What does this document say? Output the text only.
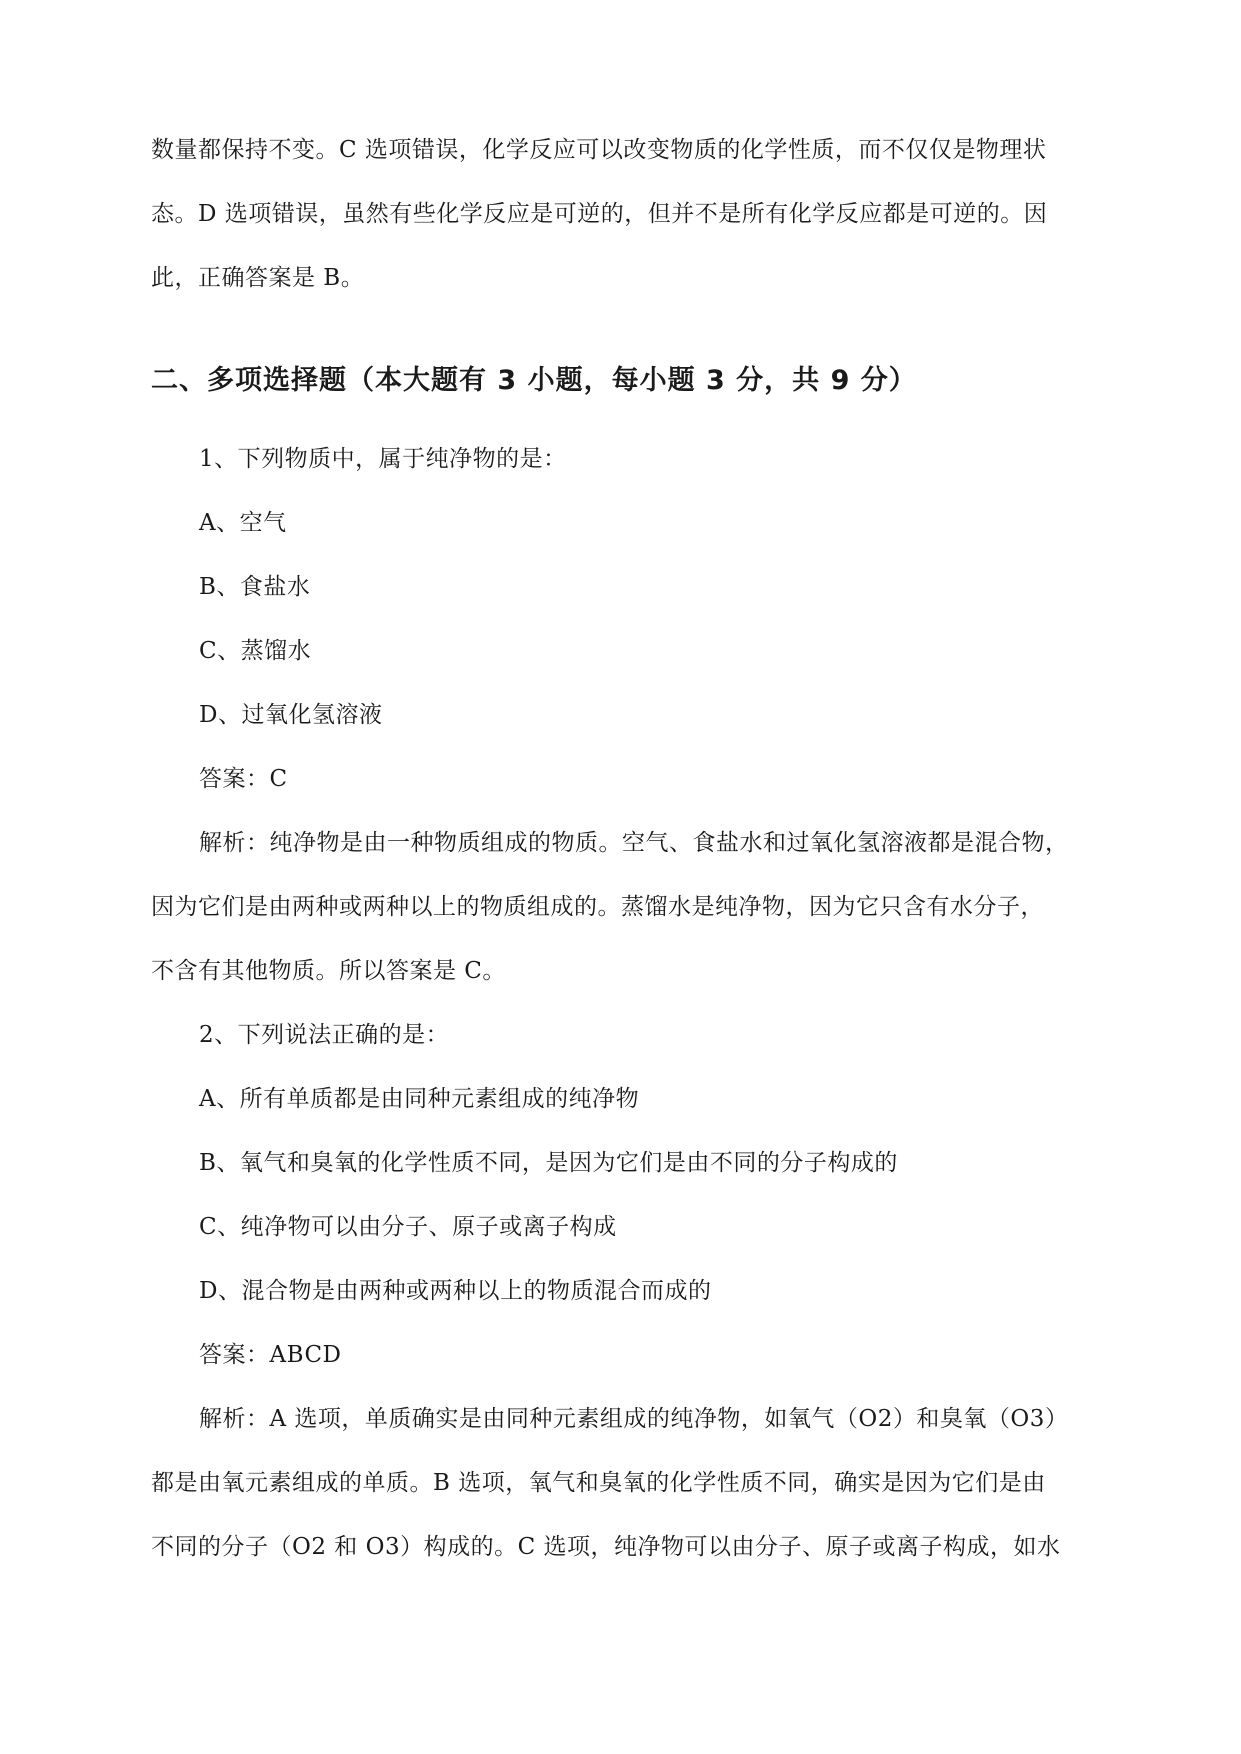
数量都保持不变。C 选项错误，化学反应可以改变物质的化学性质，而不仅仅是物理状
态。D 选项错误，虽然有些化学反应是可逆的，但并不是所有化学反应都是可逆的。因
此，正确答案是 B。
二、多项选择题（本大题有 3 小题，每小题 3 分，共 9 分）
1、下列物质中，属于纯净物的是：
A、空气
B、食盐水
C、蒸馏水
D、过氧化氢溶液
答案：C
解析：纯净物是由一种物质组成的物质。空气、食盐水和过氧化氢溶液都是混合物，
因为它们是由两种或两种以上的物质组成的。蒸馏水是纯净物，因为它只含有水分子，
不含有其他物质。所以答案是 C。
2、下列说法正确的是：
A、所有单质都是由同种元素组成的纯净物
B、氧气和臭氧的化学性质不同，是因为它们是由不同的分子构成的
C、纯净物可以由分子、原子或离子构成
D、混合物是由两种或两种以上的物质混合而成的
答案：ABCD
解析：A 选项，单质确实是由同种元素组成的纯净物，如氧气（O2）和臭氧（O3）
都是由氧元素组成的单质。B 选项，氧气和臭氧的化学性质不同，确实是因为它们是由
不同的分子（O2 和 O3）构成的。C 选项，纯净物可以由分子、原子或离子构成，如水
